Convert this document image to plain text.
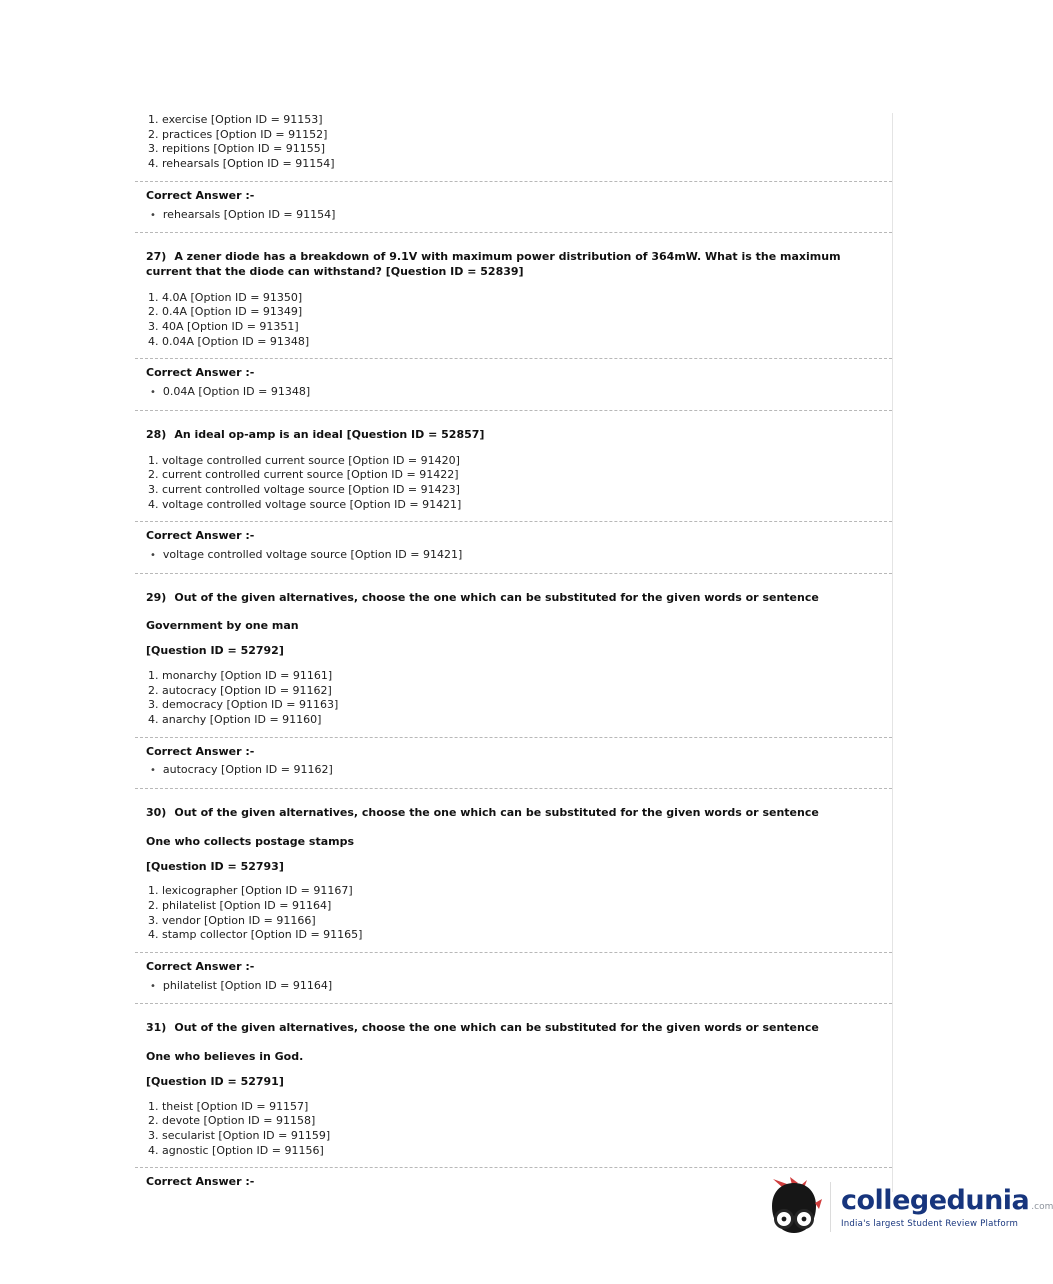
1. exercise [Option ID = 91153]
2. practices [Option ID = 91152]
3. repitions [Option ID = 91155]
4. rehearsals [Option ID = 91154]
Correct Answer :-
• rehearsals [Option ID = 91154]
27) A zener diode has a breakdown of 9.1V with maximum power distribution of 364mW. What is the maximum current that the diode can withstand? [Question ID = 52839]
1. 4.0A [Option ID = 91350]
2. 0.4A [Option ID = 91349]
3. 40A [Option ID = 91351]
4. 0.04A [Option ID = 91348]
Correct Answer :-
• 0.04A [Option ID = 91348]
28) An ideal op-amp is an ideal [Question ID = 52857]
1. voltage controlled current source [Option ID = 91420]
2. current controlled current source [Option ID = 91422]
3. current controlled voltage source [Option ID = 91423]
4. voltage controlled voltage source [Option ID = 91421]
Correct Answer :-
• voltage controlled voltage source [Option ID = 91421]
29) Out of the given alternatives, choose the one which can be substituted for the given words or sentence
Government by one man
[Question ID = 52792]
1. monarchy [Option ID = 91161]
2. autocracy [Option ID = 91162]
3. democracy [Option ID = 91163]
4. anarchy [Option ID = 91160]
Correct Answer :-
• autocracy [Option ID = 91162]
30) Out of the given alternatives, choose the one which can be substituted for the given words or sentence
One who collects postage stamps
[Question ID = 52793]
1. lexicographer [Option ID = 91167]
2. philatelist [Option ID = 91164]
3. vendor [Option ID = 91166]
4. stamp collector [Option ID = 91165]
Correct Answer :-
• philatelist [Option ID = 91164]
31) Out of the given alternatives, choose the one which can be substituted for the given words or sentence
One who believes in God.
[Question ID = 52791]
1. theist [Option ID = 91157]
2. devote [Option ID = 91158]
3. secularist [Option ID = 91159]
4. agnostic [Option ID = 91156]
Correct Answer :-
collegedunia .com
India's largest Student Review Platform
